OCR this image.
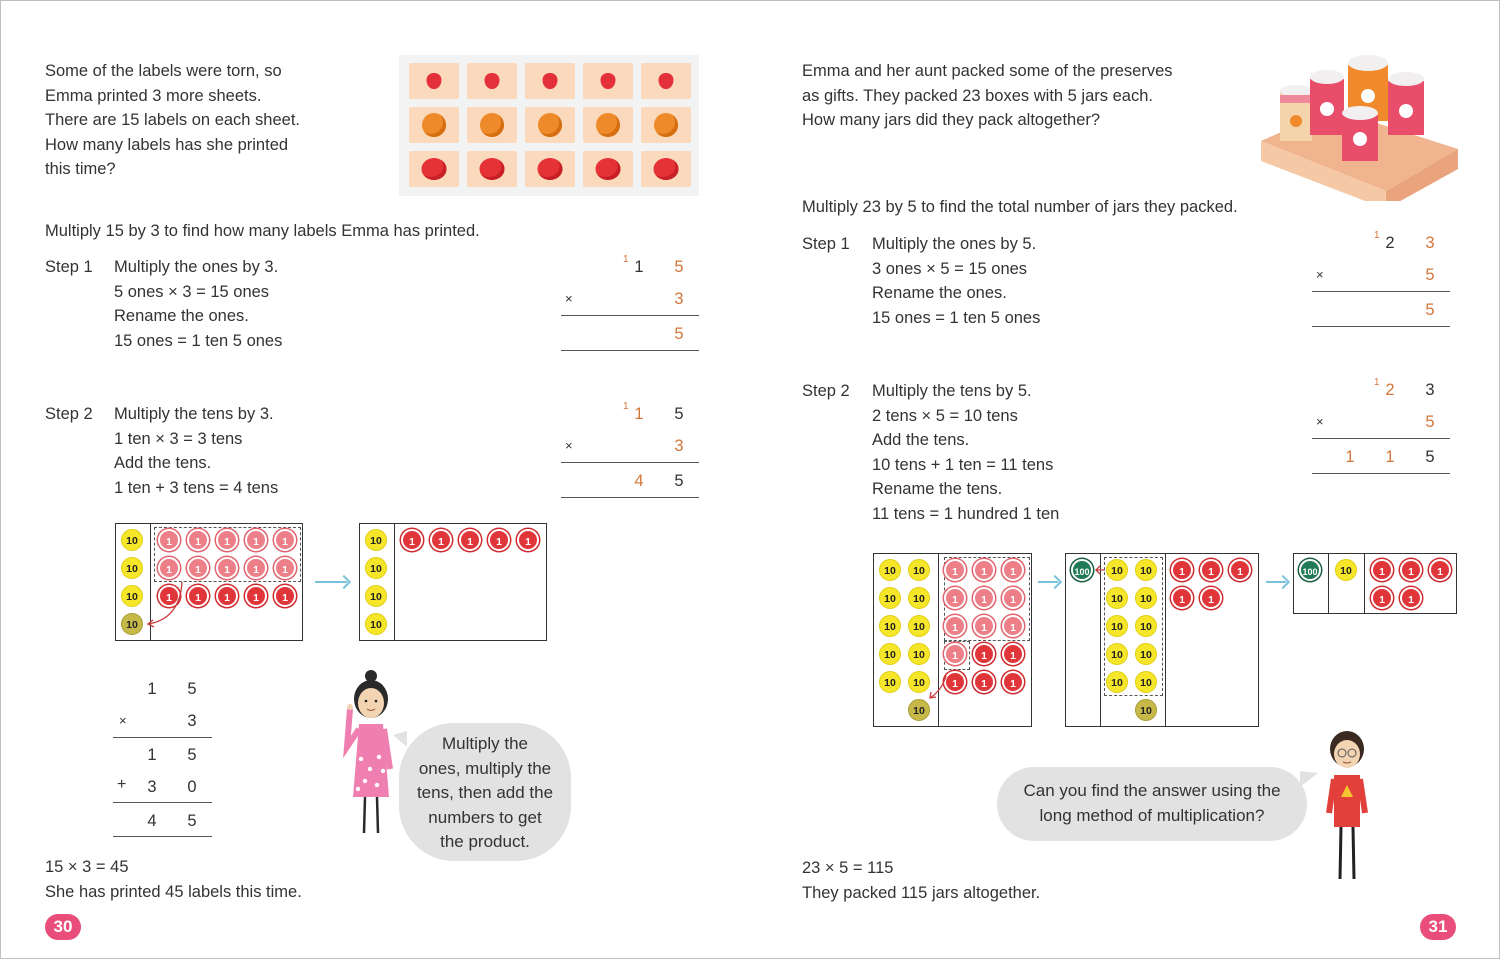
Some of the labels were torn, so
Emma printed 3 more sheets.
There are 15 labels on each sheet.
How many labels has she printed
this time?
Multiply 15 by 3 to find how many labels Emma has printed.
Step 1 Multiply the ones by 3.
5 ones × 3 = 15 ones
Rename the ones.
15 ones = 1 ten 5 ones
1 1	5
×	3
5
Step 2 Multiply the tens by 3.
1 ten × 3 = 3 tens
Add the tens.
1 ten + 3 tens = 4 tens
1 1	5
×	3
4	5
10
10
10
10
1	1	1	1	1
1	1	1	1	1
1	1	1	1	1
10
10
10
10
1	1	1	1	1
1	5
×	3
1	5
+	3	0
4	5
Multiply the
ones, multiply the
tens, then add the
numbers to get
the product.
15 × 3 = 45
She has printed 45 labels this time.
30
Emma and her aunt packed some of the preserves
as gifts. They packed 23 boxes with 5 jars each.
How many jars did they pack altogether?
Multiply 23 by 5 to find the total number of jars they packed.
Step 1 Multiply the ones by 5.
3 ones × 5 = 15 ones
Rename the ones.
15 ones = 1 ten 5 ones
1 2	3
×	5
5
Step 2 Multiply the tens by 5.
2 tens × 5 = 10 tens
Add the tens.
10 tens + 1 ten = 11 tens
Rename the tens.
11 tens = 1 hundred 1 ten
1 2	3
×	5
1	1	5
10	10
10	10
10	10
10	10
10	10
10
1	1	1
1	1	1
1	1	1
1	1	1
1	1	1
100	10	10
10	10
10	10
10	10
10	10
10
1	1	1
1	1
100	10	1	1	1
1	1
Can you find the answer using the
long method of multiplication?
23 × 5 = 115
They packed 115 jars altogether.
31
